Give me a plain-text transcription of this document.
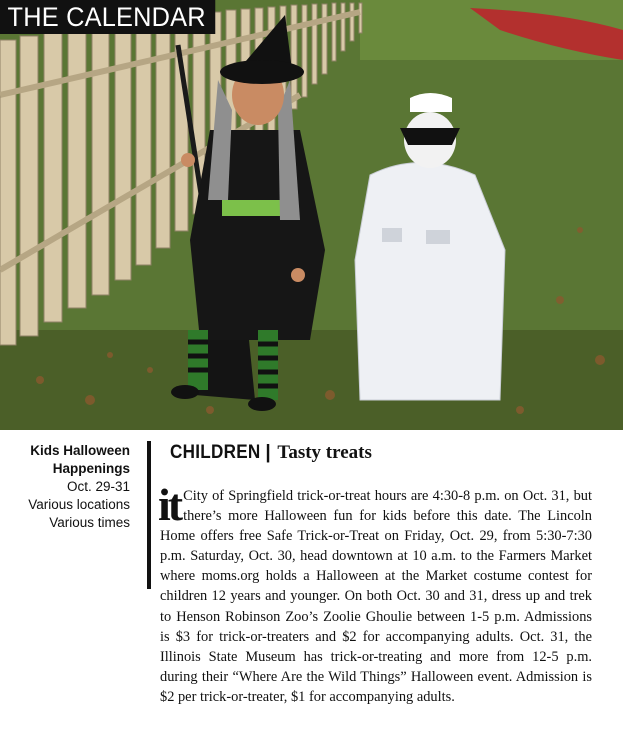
THE CALENDAR
Kids Halloween
Happenings
Oct. 29-31
Various locations
Various times
CHILDREN | Tasty treats
it City of Springfield trick-or-treat hours are 4:30-8 p.m. on Oct. 31, but there’s more Halloween fun for kids before this date. The Lincoln Home offers free Safe Trick-or-Treat on Friday, Oct. 29, from 5:30-7:30 p.m. Saturday, Oct. 30, head downtown at 10 a.m. to the Farmers Market where moms.org holds a Halloween at the Market costume contest for children 12 years and younger. On both Oct. 30 and 31, dress up and trek to Henson Robinson Zoo’s Zoolie Ghoulie between 1-5 p.m. Admissions is $3 for trick-or-treaters and $2 for accompanying adults. Oct. 31, the Illinois State Museum has trick-or-treating and more from 12-5 p.m. during their “Where Are the Wild Things” Halloween event. Admission is $2 per trick-or-treater, $1 for accompanying adults.
